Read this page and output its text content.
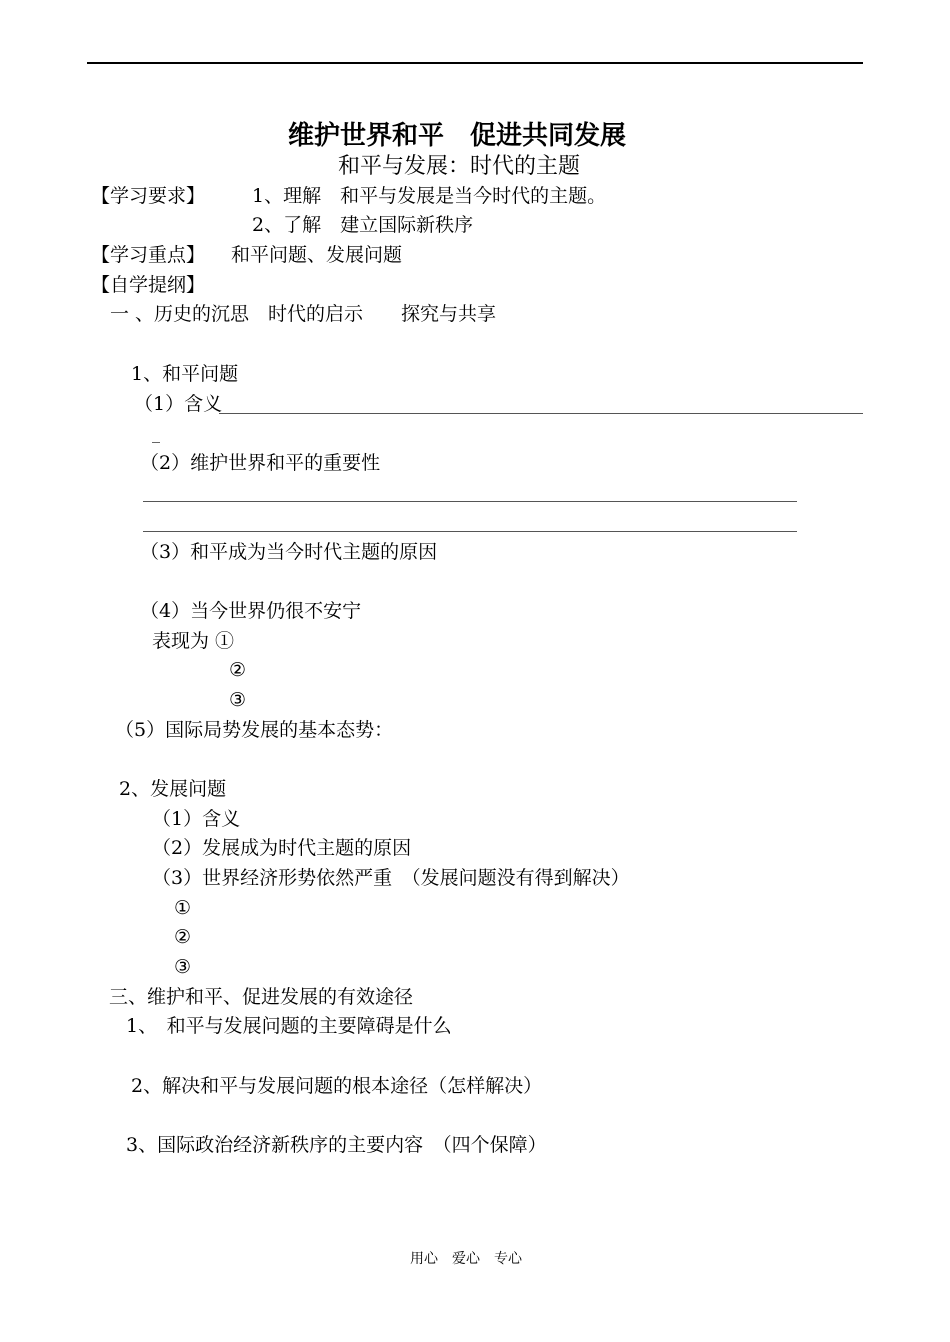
维护世界和平　促进共同发展
和平与发展：时代的主题
【学习要求】 1、理解　和平与发展是当今时代的主题。
2、了解　建立国际新秩序
【学习重点】 和平问题、发展问题
【自学提纲】
一 、历史的沉思　时代的启示　　探究与共享
1、和平问题
（1）含义
_
（2）维护世界和平的重要性
（3）和平成为当今时代主题的原因
（4）当今世界仍很不安宁
表现为 ①
②
③
（5）国际局势发展的基本态势：
2、发展问题
（1）含义
（2）发展成为时代主题的原因
（3）世界经济形势依然严重　（发展问题没有得到解决）
①
②
③
三、维护和平、促进发展的有效途径
1、　和平与发展问题的主要障碍是什么
2、解决和平与发展问题的根本途径（怎样解决）
3、国际政治经济新秩序的主要内容　（四个保障）
用心　爱心　专心
